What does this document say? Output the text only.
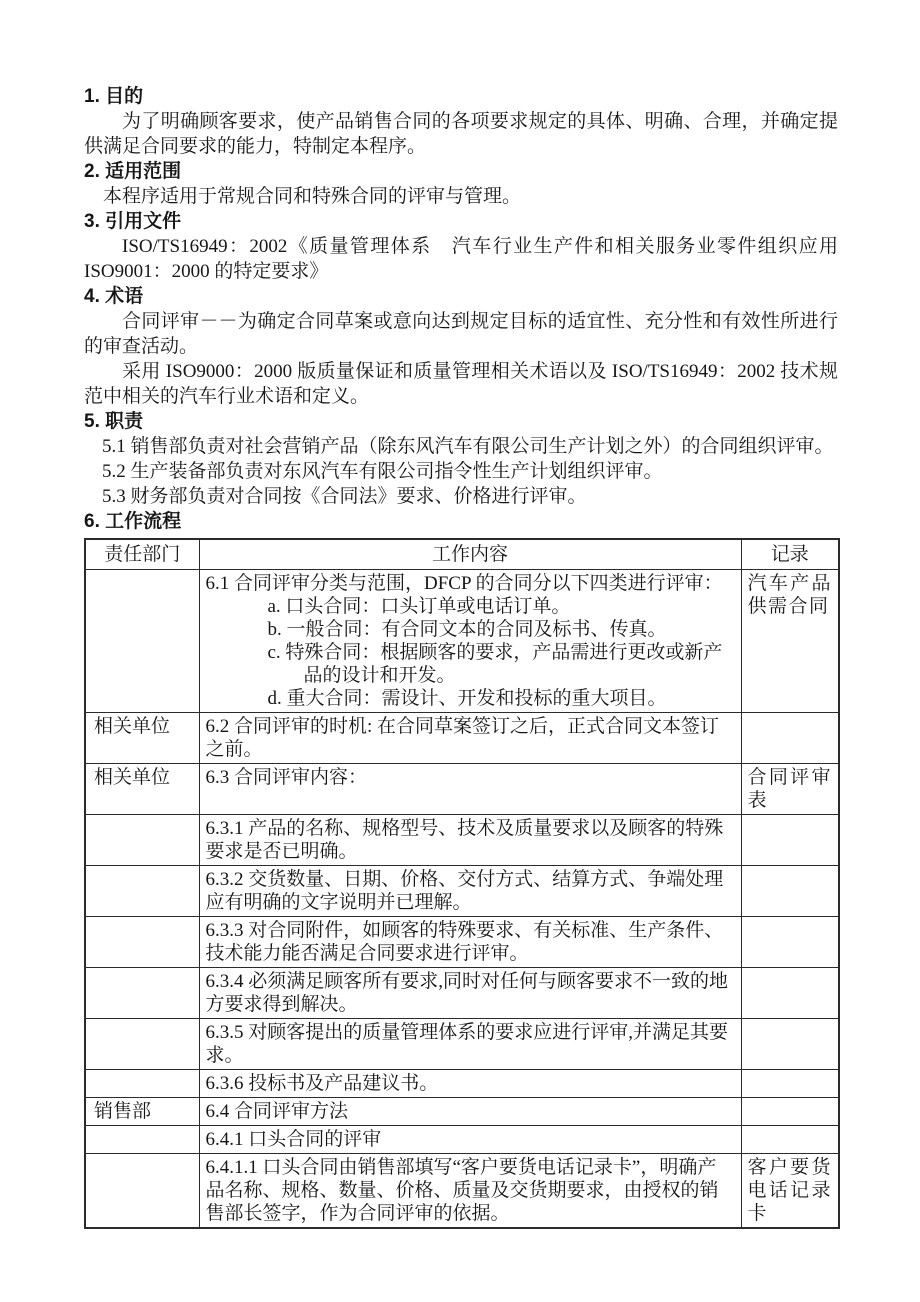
1. 目的

为了明确顾客要求，使产品销售合同的各项要求规定的具体、明确、合理，并确定提供满足合同要求的能力，特制定本程序。

2. 适用范围

本程序适用于常规合同和特殊合同的评审与管理。

3. 引用文件

ISO/TS16949：2002《质量管理体系　汽车行业生产件和相关服务业零件组织应用 ISO9001：2000 的特定要求》

4. 术语

合同评审－－为确定合同草案或意向达到规定目标的适宜性、充分性和有效性所进行的审查活动。

采用 ISO9000：2000 版质量保证和质量管理相关术语以及 ISO/TS16949：2002 技术规范中相关的汽车行业术语和定义。

5. 职责
5.1 销售部负责对社会营销产品（除东风汽车有限公司生产计划之外）的合同组织评审。
5.2 生产装备部负责对东风汽车有限公司指令性生产计划组织评审。
5.3 财务部负责对合同按《合同法》要求、价格进行评审。
6. 工作流程
责任部门	工作内容	记录

	6.1 合同评审分类与范围，DFCP 的合同分以下四类进行评审：
a. 口头合同：口头订单或电话订单。
b. 一般合同：有合同文本的合同及标书、传真。
c. 特殊合同：根据顾客的要求，产品需进行更改或新产品的设计和开发。
d. 重大合同：需设计、开发和投标的重大项目。	汽车产品供需合同
相关单位	6.2 合同评审的时机: 在合同草案签订之后，正式合同文本签订之前。	
相关单位	6.3 合同评审内容：	合同评审表
	6.3.1 产品的名称、规格型号、技术及质量要求以及顾客的特殊要求是否已明确。	
	6.3.2 交货数量、日期、价格、交付方式、结算方式、争端处理应有明确的文字说明并已理解。	
	6.3.3 对合同附件，如顾客的特殊要求、有关标准、生产条件、技术能力能否满足合同要求进行评审。	
	6.3.4 必须满足顾客所有要求,同时对任何与顾客要求不一致的地方要求得到解决。	
	6.3.5 对顾客提出的质量管理体系的要求应进行评审,并满足其要求。	
	6.3.6 投标书及产品建议书。	
销售部	6.4 合同评审方法	
	6.4.1 口头合同的评审	
	6.4.1.1 口头合同由销售部填写“客户要货电话记录卡”，明确产品名称、规格、数量、价格、质量及交货期要求，由授权的销售部长签字，作为合同评审的依据。	客户要货电话记录卡
